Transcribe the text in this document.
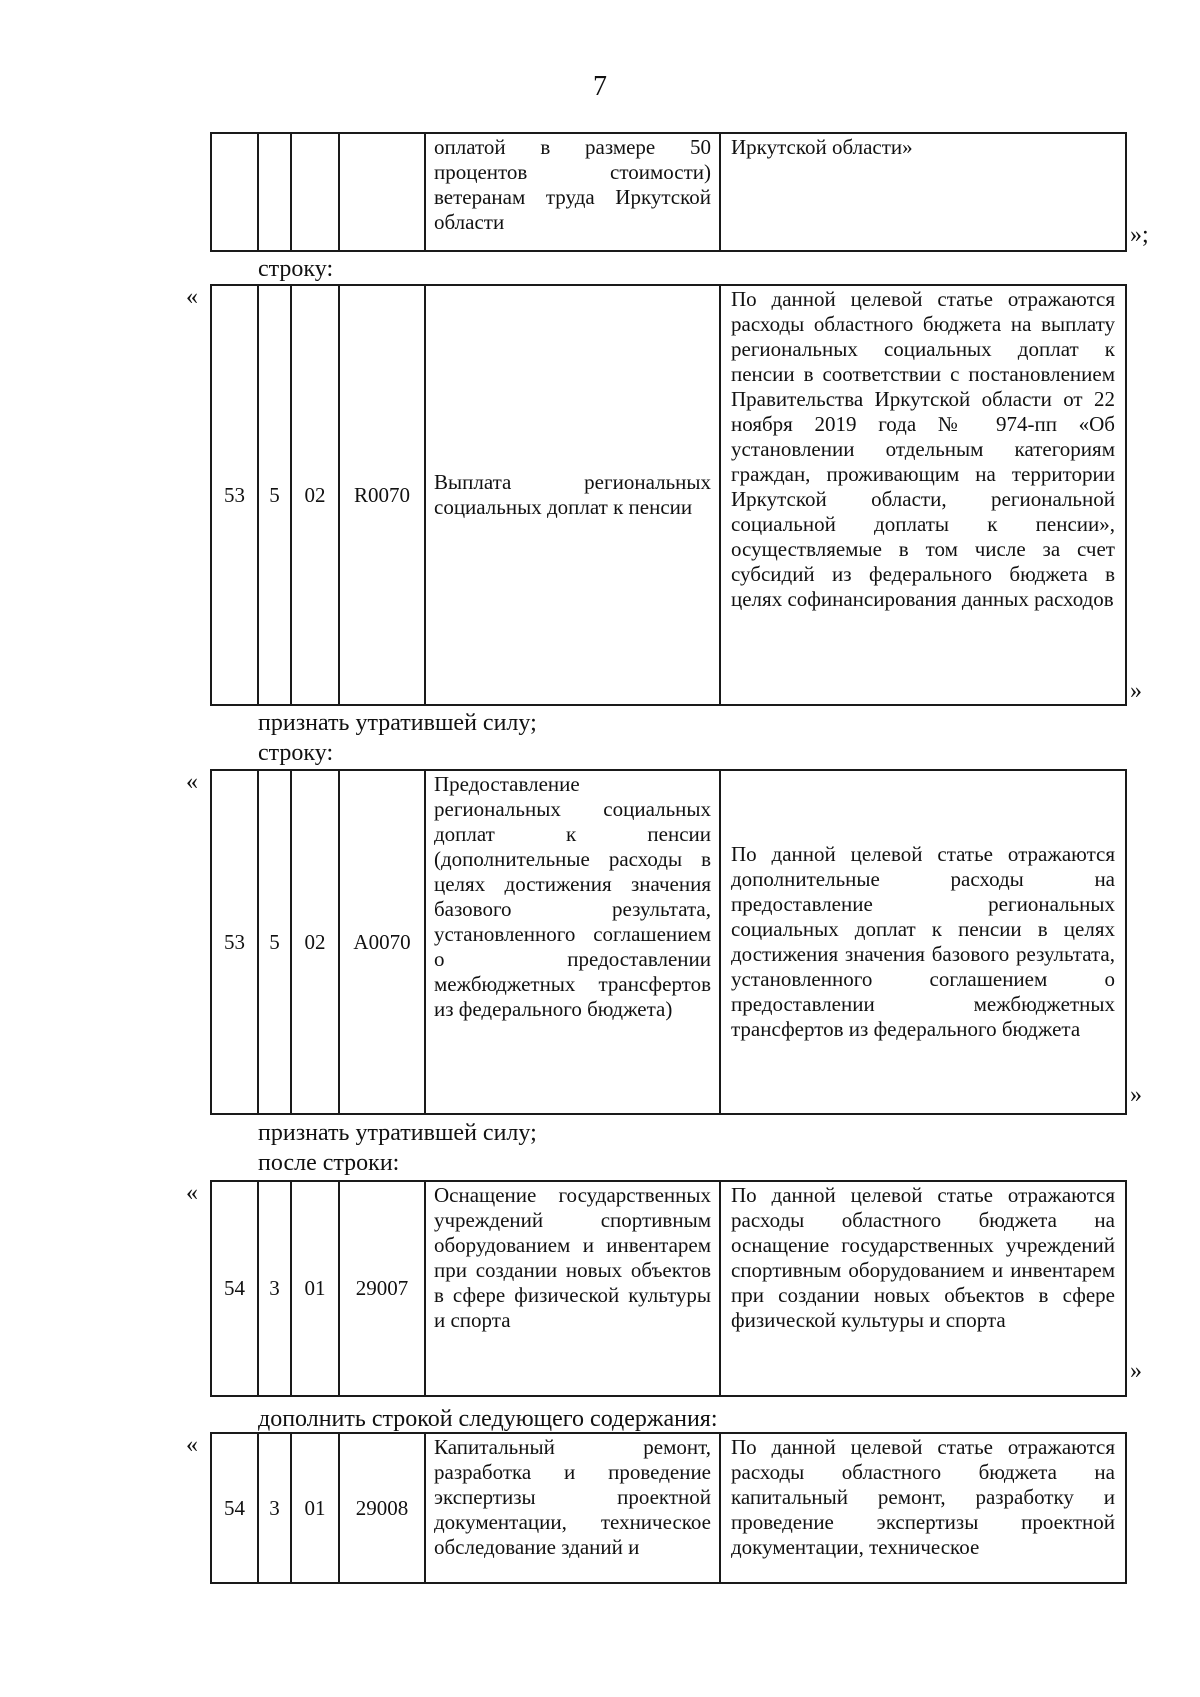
7
				оплатой в размере 50 процентов стоимости) ветеранам труда Иркутской области	Иркутской области»
»;
строку:
«
53	5	02	R0070	Выплата региональных социальных доплат к пенсии	По данной целевой статье отражаются расходы областного бюджета на выплату региональных социальных доплат к пенсии в соответствии с постановлением Правительства Иркутской области от 22 ноября 2019 года № 974-пп «Об установлении отдельным категориям граждан, проживающим на территории Иркутской области, региональной социальной доплаты к пенсии», осуществляемые в том числе за счет субсидий из федерального бюджета в целях софинансирования данных расходов
»
признать утратившей силу;
строку:
«
53	5	02	А0070	Предоставление региональных социальных доплат к пенсии (дополнительные расходы в целях достижения значения базового результата, установленного соглашением о предоставлении межбюджетных трансфертов из федерального бюджета)	По данной целевой статье отражаются дополнительные расходы на предоставление региональных социальных доплат к пенсии в целях достижения значения базового результата, установленного соглашением о предоставлении межбюджетных трансфертов из федерального бюджета
»
признать утратившей силу;
после строки:
«
54	3	01	29007	Оснащение государственных учреждений спортивным оборудованием и инвентарем при создании новых объектов в сфере физической культуры и спорта	По данной целевой статье отражаются расходы областного бюджета на оснащение государственных учреждений спортивным оборудованием и инвентарем при создании новых объектов в сфере физической культуры и спорта
»
дополнить строкой следующего содержания:
«
54	3	01	29008	Капитальный ремонт, разработка и проведение экспертизы проектной документации, техническое обследование зданий и	По данной целевой статье отражаются расходы областного бюджета на капитальный ремонт, разработку и проведение экспертизы проектной документации, техническое
